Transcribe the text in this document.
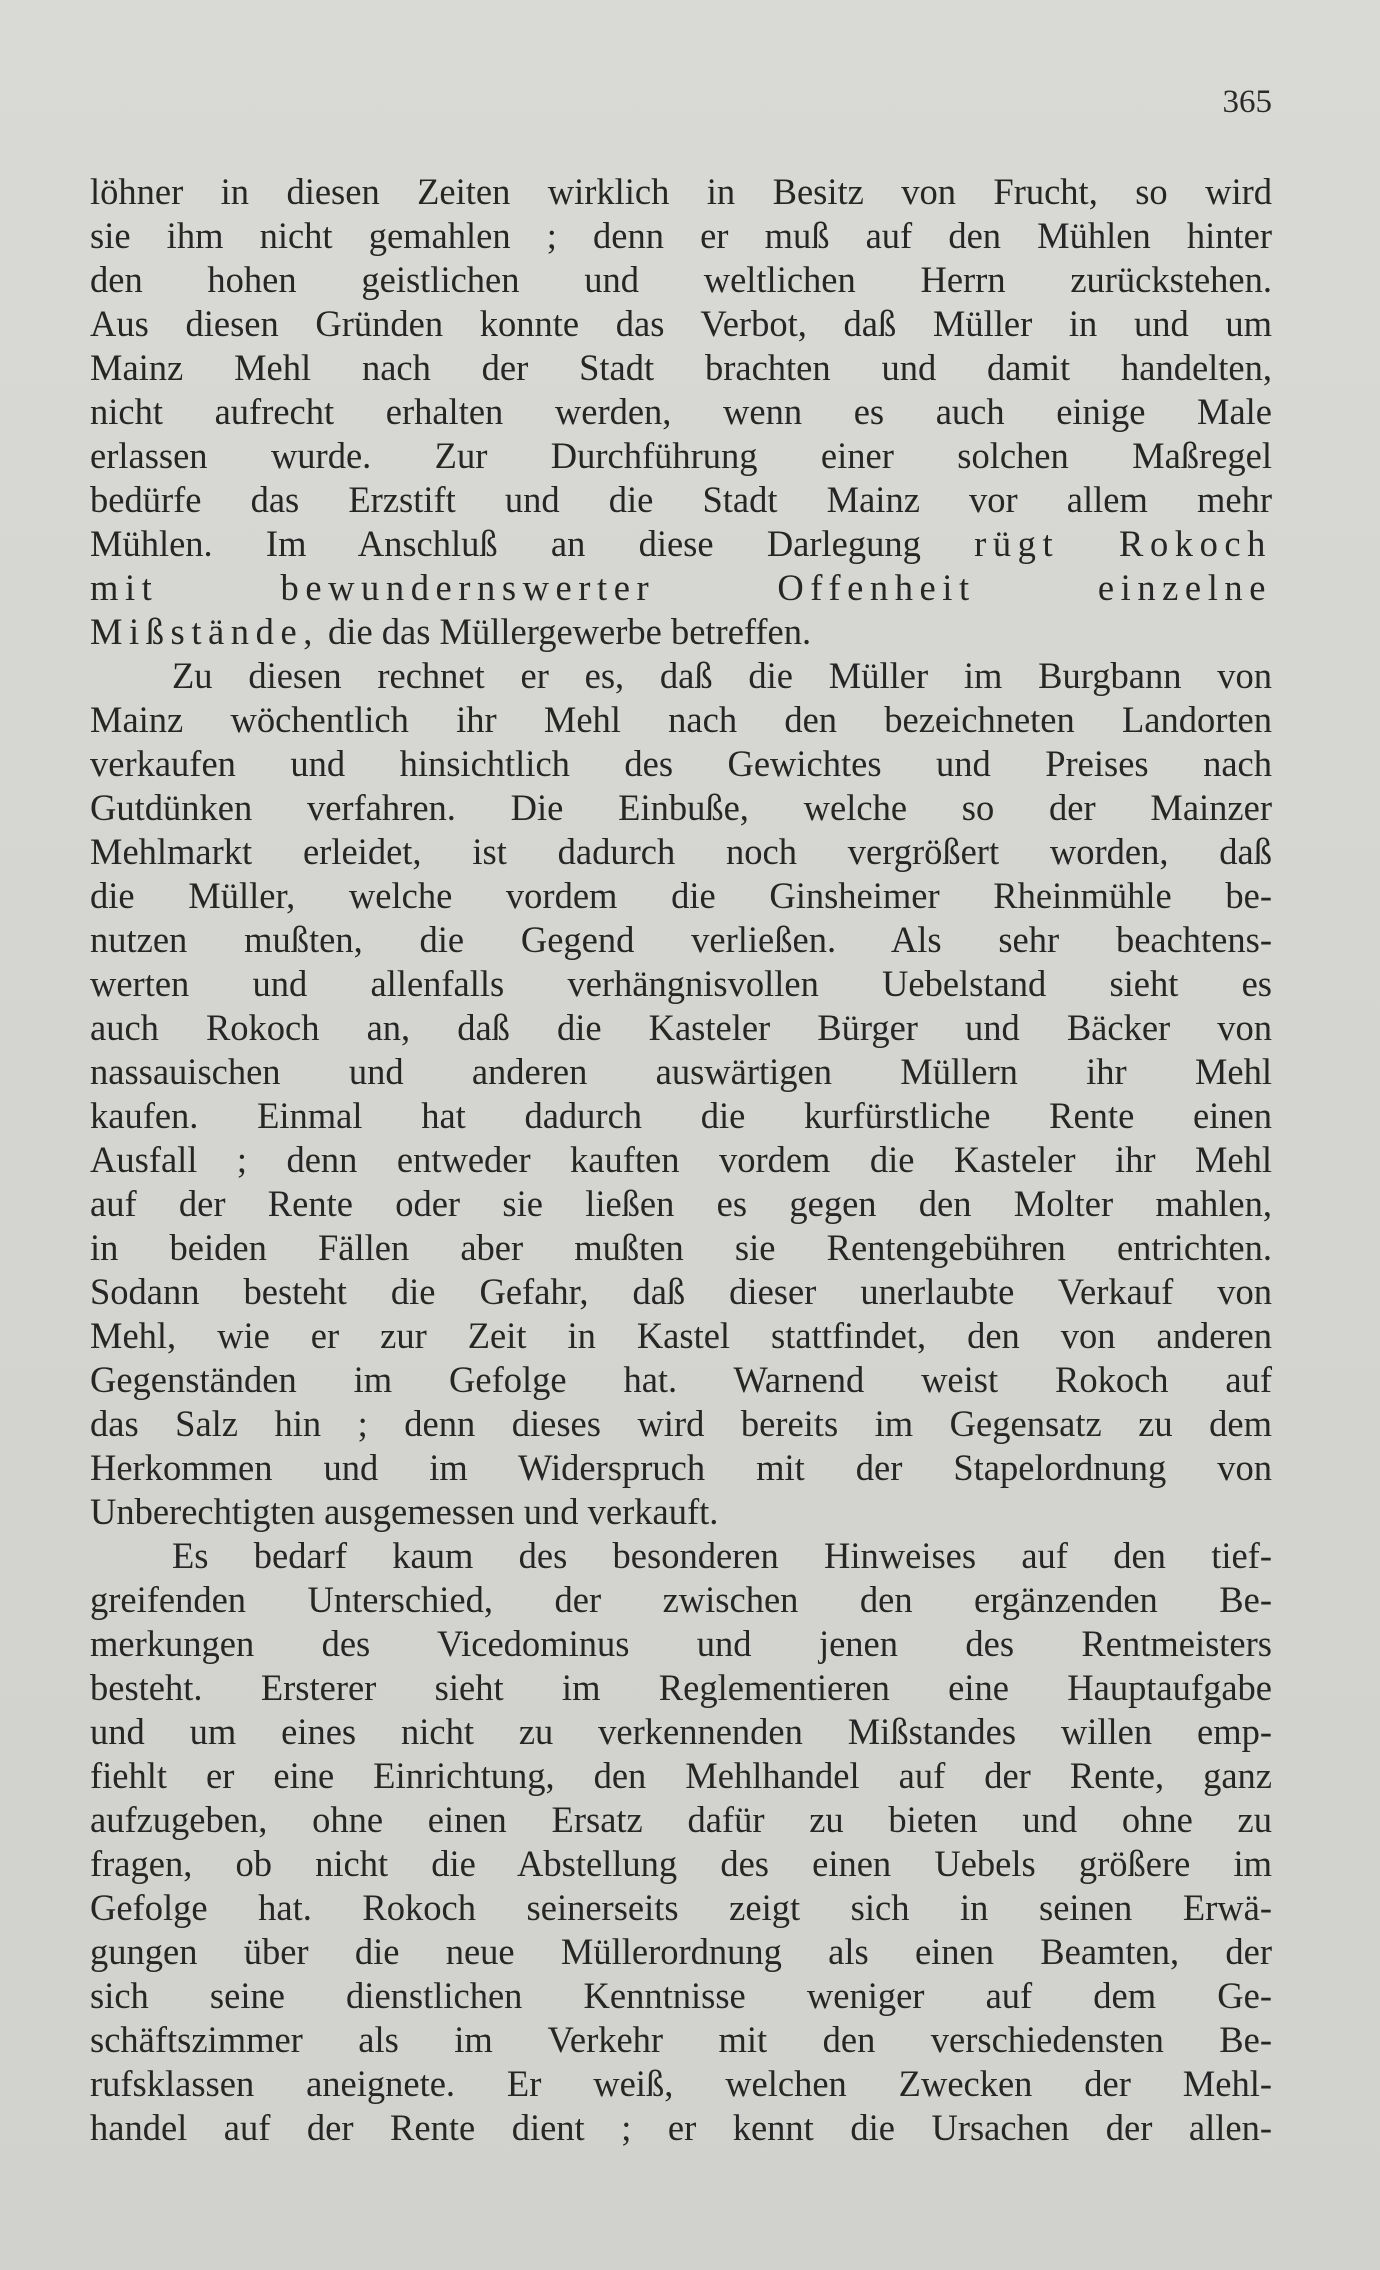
365
löhner in diesen Zeiten wirklich in Besitz von Frucht, so wird
sie ihm nicht gemahlen ; denn er muß auf den Mühlen hinter
den hohen geistlichen und weltlichen Herrn zurückstehen.
Aus diesen Gründen konnte das Verbot, daß Müller in und um
Mainz Mehl nach der Stadt brachten und damit handelten,
nicht aufrecht erhalten werden, wenn es auch einige Male
erlassen wurde. Zur Durchführung einer solchen Maßregel
bedürfe das Erzstift und die Stadt Mainz vor allem mehr
Mühlen. Im Anschluß an diese Darlegung rügt Rokoch
mit bewundernswerter Offenheit einzelne
Mißstände, die das Müllergewerbe betreffen.
Zu diesen rechnet er es, daß die Müller im Burgbann von
Mainz wöchentlich ihr Mehl nach den bezeichneten Landorten
verkaufen und hinsichtlich des Gewichtes und Preises nach
Gutdünken verfahren. Die Einbuße, welche so der Mainzer
Mehlmarkt erleidet, ist dadurch noch vergrößert worden, daß
die Müller, welche vordem die Ginsheimer Rheinmühle be-
nutzen mußten, die Gegend verließen. Als sehr beachtens-
werten und allenfalls verhängnisvollen Uebelstand sieht es
auch Rokoch an, daß die Kasteler Bürger und Bäcker von
nassauischen und anderen auswärtigen Müllern ihr Mehl
kaufen. Einmal hat dadurch die kurfürstliche Rente einen
Ausfall ; denn entweder kauften vordem die Kasteler ihr Mehl
auf der Rente oder sie ließen es gegen den Molter mahlen,
in beiden Fällen aber mußten sie Rentengebühren entrichten.
Sodann besteht die Gefahr, daß dieser unerlaubte Verkauf von
Mehl, wie er zur Zeit in Kastel stattfindet, den von anderen
Gegenständen im Gefolge hat. Warnend weist Rokoch auf
das Salz hin ; denn dieses wird bereits im Gegensatz zu dem
Herkommen und im Widerspruch mit der Stapelordnung von
Unberechtigten ausgemessen und verkauft.
Es bedarf kaum des besonderen Hinweises auf den tief-
greifenden Unterschied, der zwischen den ergänzenden Be-
merkungen des Vicedominus und jenen des Rentmeisters
besteht. Ersterer sieht im Reglementieren eine Hauptaufgabe
und um eines nicht zu verkennenden Mißstandes willen emp-
fiehlt er eine Einrichtung, den Mehlhandel auf der Rente, ganz
aufzugeben, ohne einen Ersatz dafür zu bieten und ohne zu
fragen, ob nicht die Abstellung des einen Uebels größere im
Gefolge hat. Rokoch seinerseits zeigt sich in seinen Erwä-
gungen über die neue Müllerordnung als einen Beamten, der
sich seine dienstlichen Kenntnisse weniger auf dem Ge-
schäftszimmer als im Verkehr mit den verschiedensten Be-
rufsklassen aneignete. Er weiß, welchen Zwecken der Mehl-
handel auf der Rente dient ; er kennt die Ursachen der allen-
